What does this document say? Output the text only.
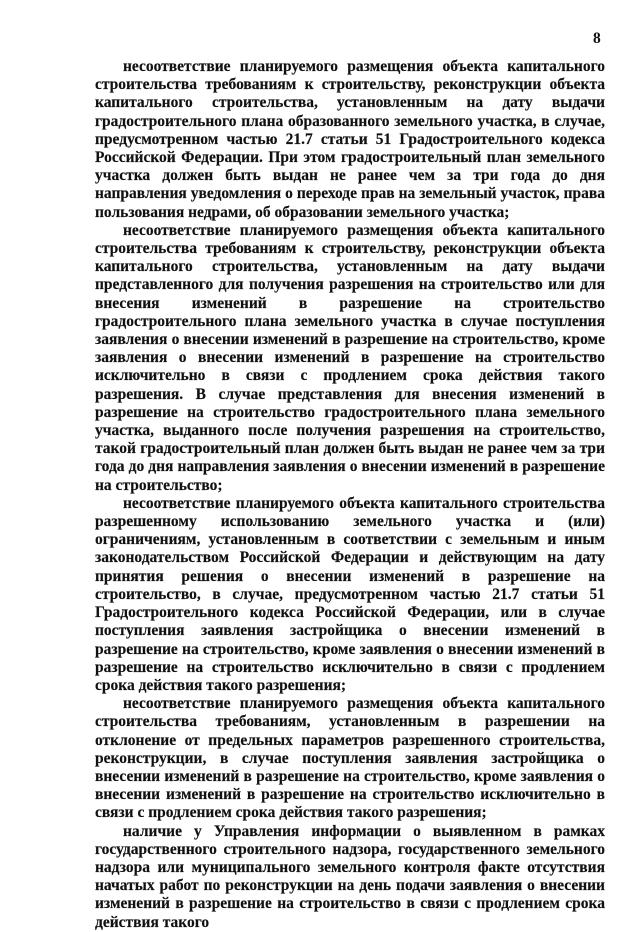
8

несоответствие планируемого размещения объекта капитального строительства требованиям к строительству, реконструкции объекта капитального строительства, установленным на дату выдачи градостроительного плана образованного земельного участка, в случае, предусмотренном частью 21.7 статьи 51 Градостроительного кодекса Российской Федерации. При этом градостроительный план земельного участка должен быть выдан не ранее чем за три года до дня направления уведомления о переходе прав на земельный участок, права пользования недрами, об образовании земельного участка;

несоответствие планируемого размещения объекта капитального строительства требованиям к строительству, реконструкции объекта капитального строительства, установленным на дату выдачи представленного для получения разрешения на строительство или для внесения изменений в разрешение на строительство градостроительного плана земельного участка в случае поступления заявления о внесении изменений в разрешение на строительство, кроме заявления о внесении изменений в разрешение на строительство исключительно в связи с продлением срока действия такого разрешения. В случае представления для внесения изменений в разрешение на строительство градостроительного плана земельного участка, выданного после получения разрешения на строительство, такой градостроительный план должен быть выдан не ранее чем за три года до дня направления заявления о внесении изменений в разрешение на строительство;

несоответствие планируемого объекта капитального строительства разрешенному использованию земельного участка и (или) ограничениям, установленным в соответствии с земельным и иным законодательством Российской Федерации и действующим на дату принятия решения о внесении изменений в разрешение на строительство, в случае, предусмотренном частью 21.7 статьи 51 Градостроительного кодекса Российской Федерации, или в случае поступления заявления застройщика о внесении изменений в разрешение на строительство, кроме заявления о внесении изменений в разрешение на строительство исключительно в связи с продлением срока действия такого разрешения;

несоответствие планируемого размещения объекта капитального строительства требованиям, установленным в разрешении на отклонение от предельных параметров разрешенного строительства, реконструкции, в случае поступления заявления застройщика о внесении изменений в разрешение на строительство, кроме заявления о внесении изменений в разрешение на строительство исключительно в связи с продлением срока действия такого разрешения;

наличие у Управления информации о выявленном в рамках государственного строительного надзора, государственного земельного надзора или муниципального земельного контроля факте отсутствия начатых работ по реконструкции на день подачи заявления о внесении изменений в разрешение на строительство в связи с продлением срока действия такого
